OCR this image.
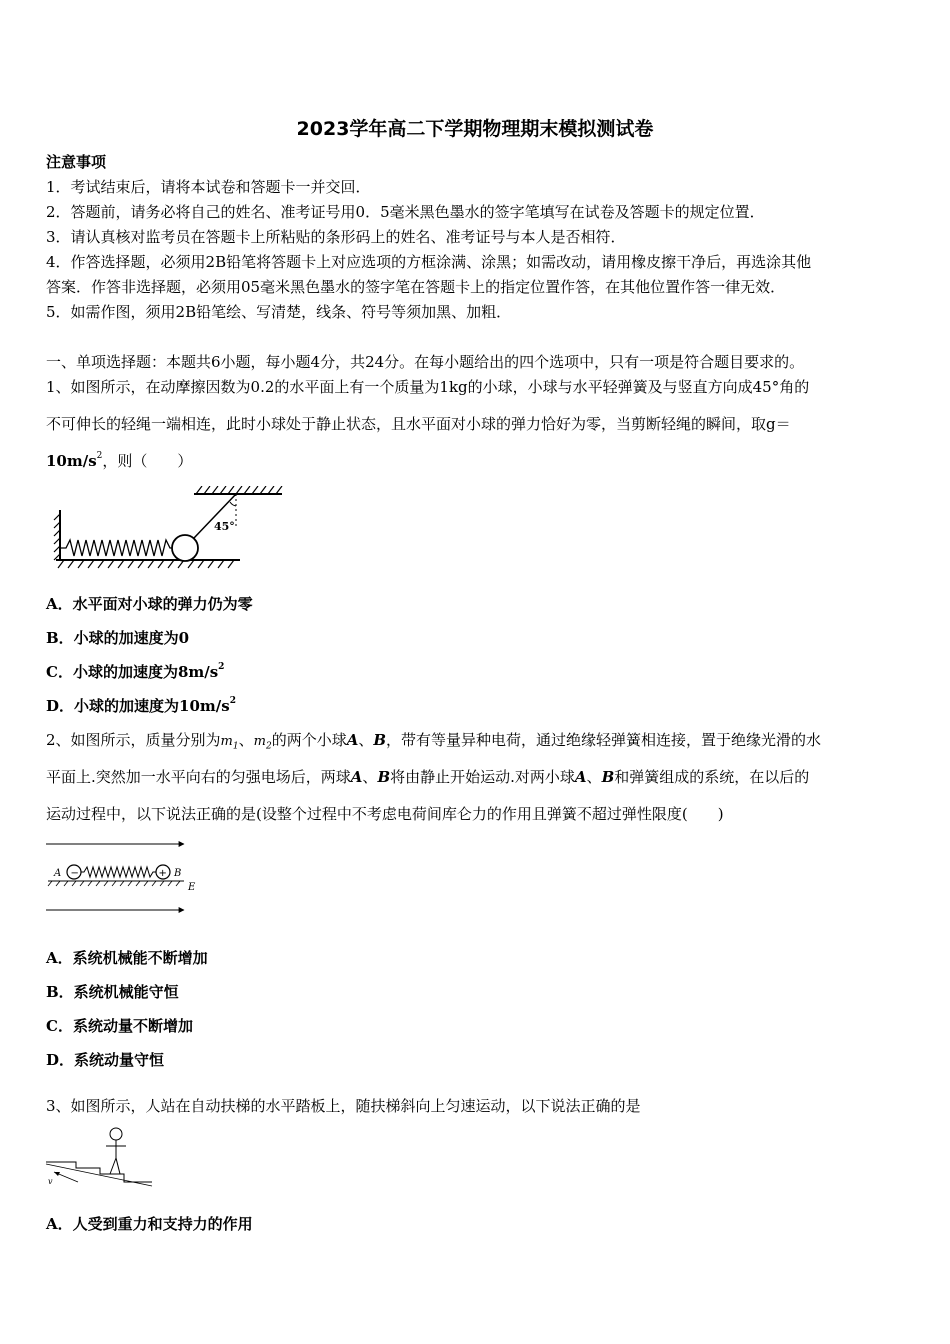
2023学年高二下学期物理期末模拟测试卷
注意事项
1．考试结束后，请将本试卷和答题卡一并交回．
2．答题前，请务必将自己的姓名、准考证号用0．5毫米黑色墨水的签字笔填写在试卷及答题卡的规定位置．
3．请认真核对监考员在答题卡上所粘贴的条形码上的姓名、准考证号与本人是否相符．
4．作答选择题，必须用2B铅笔将答题卡上对应选项的方框涂满、涂黑；如需改动，请用橡皮擦干净后，再选涂其他
答案．作答非选择题，必须用05毫米黑色墨水的签字笔在答题卡上的指定位置作答，在其他位置作答一律无效．
5．如需作图，须用2B铅笔绘、写清楚，线条、符号等须加黑、加粗．
一、单项选择题：本题共6小题，每小题4分，共24分。在每小题给出的四个选项中，只有一项是符合题目要求的。
1、如图所示，在动摩擦因数为0.2的水平面上有一个质量为1kg的小球，小球与水平轻弹簧及与竖直方向成45°角的
不可伸长的轻绳一端相连，此时小球处于静止状态，且水平面对小球的弹力恰好为零，当剪断轻绳的瞬间，取g＝
$10m/s^2$，则（　　）
45°
A．水平面对小球的弹力仍为零
B．小球的加速度为0
C．小球的加速度为$8m/s^2$
D．小球的加速度为$10m/s^2$
2、如图所示，质量分别为$m_1$、$m_2$的两个小球A、B，带有等量异种电荷，通过绝缘轻弹簧相连接，置于绝缘光滑的水
平面上.突然加一水平向右的匀强电场后，两球A、B将由静止开始运动.对两小球A、B和弹簧组成的系统，在以后的
运动过程中，以下说法正确的是(设整个过程中不考虑电荷间库仑力的作用且弹簧不超过弹性限度(　　)
A −	+ B
E
A．系统机械能不断增加
B．系统机械能守恒
C．系统动量不断增加
D．系统动量守恒
3、如图所示，人站在自动扶梯的水平踏板上，随扶梯斜向上匀速运动，以下说法正确的是
v
A．人受到重力和支持力的作用
